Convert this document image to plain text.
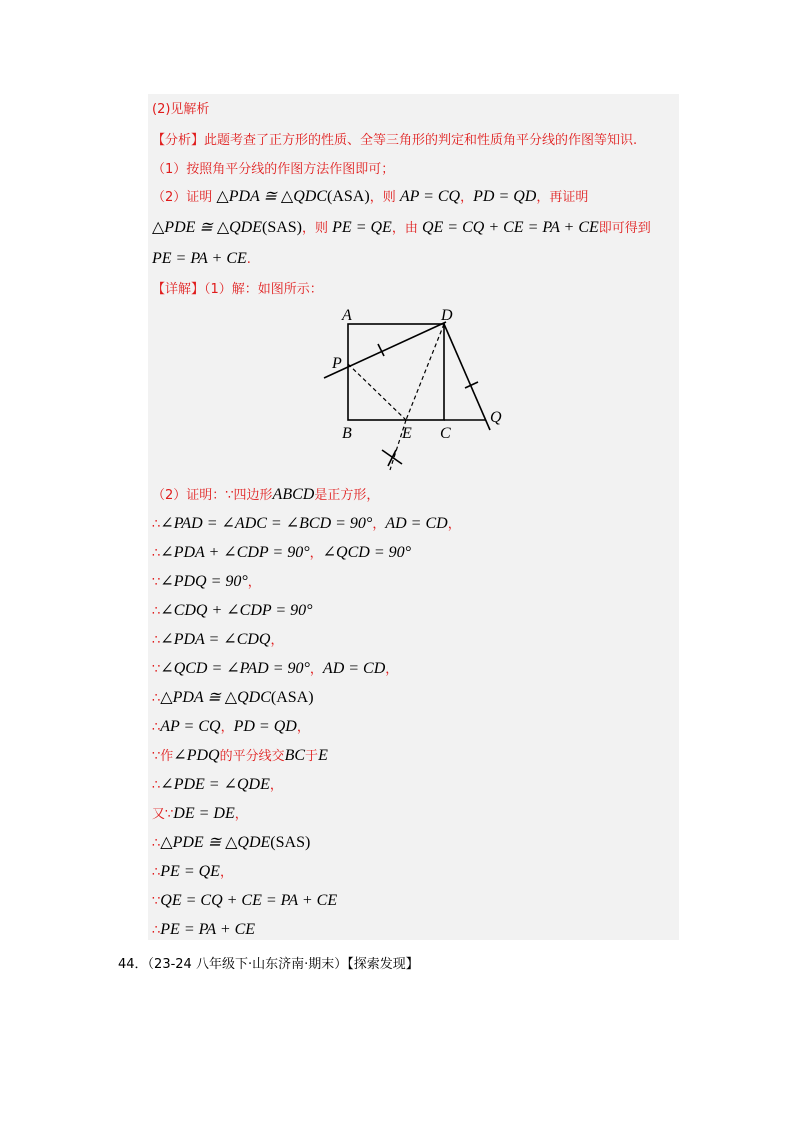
(2)见解析
【分析】此题考查了正方形的性质、全等三角形的判定和性质角平分线的作图等知识.
（1）按照角平分线的作图方法作图即可；
（2）证明 △PDA ≅ △QDC(ASA)，则 AP = CQ，PD = QD，再证明
△PDE ≅ △QDE(SAS)，则 PE = QE，由 QE = CQ + CE = PA + CE即可得到
PE = PA + CE.
【详解】（1）解：如图所示：
（2）证明：∵四边形ABCD是正方形，
∴∠PAD = ∠ADC = ∠BCD = 90°，AD = CD，
∴∠PDA + ∠CDP = 90°，∠QCD = 90°
∵∠PDQ = 90°，
∴∠CDQ + ∠CDP = 90°
∴∠PDA = ∠CDQ，
∵∠QCD = ∠PAD = 90°，AD = CD，
∴△PDA ≅ △QDC(ASA)
∴AP = CQ，PD = QD，
∵作∠PDQ的平分线交BC于E
∴∠PDE = ∠QDE，
又∵DE = DE，
∴△PDE ≅ △QDE(SAS)
∴PE = QE，
∵QE = CQ + CE = PA + CE
∴PE = PA + CE
A	D
P
B	E C
Q
44．（23-24 八年级下·山东济南·期末）【探索发现】
